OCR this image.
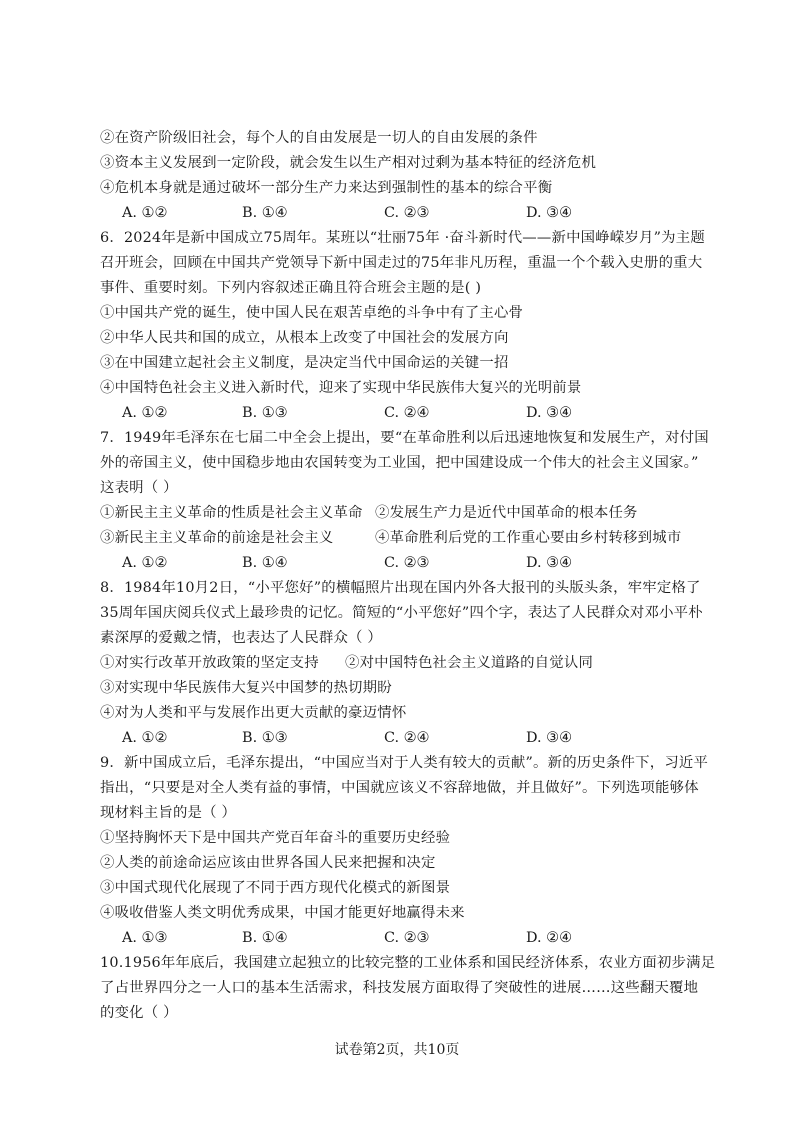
②在资产阶级旧社会，每个人的自由发展是一切人的自由发展的条件
③资本主义发展到一定阶段，就会发生以生产相对过剩为基本特征的经济危机
④危机本身就是通过破坏一部分生产力来达到强制性的基本的综合平衡
A. ①②	B. ①④	C. ②③	D. ③④
6．2024年是新中国成立75周年。某班以“壮丽75年 ·奋斗新时代——新中国峥嵘岁月”为主题
召开班会，回顾在中国共产党领导下新中国走过的75年非凡历程，重温一个个载入史册的重大
事件、重要时刻。下列内容叙述正确且符合班会主题的是( )
①中国共产党的诞生，使中国人民在艰苦卓绝的斗争中有了主心骨
②中华人民共和国的成立，从根本上改变了中国社会的发展方向
③在中国建立起社会主义制度，是决定当代中国命运的关键一招
④中国特色社会主义进入新时代，迎来了实现中华民族伟大复兴的光明前景
A. ①②	B. ①③	C. ②④	D. ③④
7．1949年毛泽东在七届二中全会上提出，要“在革命胜利以后迅速地恢复和发展生产，对付国
外的帝国主义，使中国稳步地由农国转变为工业国，把中国建设成一个伟大的社会主义国家。”
这表明（ ）
①新民主主义革命的性质是社会主义革命 ②发展生产力是近代中国革命的根本任务
③新民主主义革命的前途是社会主义	④革命胜利后党的工作重心要由乡村转移到城市
A. ①②	B. ①④	C. ②③	D. ③④
8．1984年10月2日，“小平您好”的横幅照片出现在国内外各大报刊的头版头条，牢牢定格了
35周年国庆阅兵仪式上最珍贵的记忆。简短的“小平您好”四个字，表达了人民群众对邓小平朴
素深厚的爱戴之情，也表达了人民群众（ ）
①对实行改革开放政策的坚定支持 ②对中国特色社会主义道路的自觉认同
③对实现中华民族伟大复兴中国梦的热切期盼
④对为人类和平与发展作出更大贡献的豪迈情怀
A. ①②	B. ①③	C. ②④	D. ③④
9．新中国成立后，毛泽东提出，“中国应当对于人类有较大的贡献”。新的历史条件下，习近平
指出，“只要是对全人类有益的事情，中国就应该义不容辞地做，并且做好”。下列选项能够体
现材料主旨的是（ ）
①坚持胸怀天下是中国共产党百年奋斗的重要历史经验
②人类的前途命运应该由世界各国人民来把握和决定
③中国式现代化展现了不同于西方现代化模式的新图景
④吸收借鉴人类文明优秀成果，中国才能更好地赢得未来
A. ①③	B. ①④	C. ②③	D. ②④
10.1956年年底后，我国建立起独立的比较完整的工业体系和国民经济体系，农业方面初步满足
了占世界四分之一人口的基本生活需求，科技发展方面取得了突破性的进展……这些翻天覆地
的变化（ ）
试卷第2页，共10页
